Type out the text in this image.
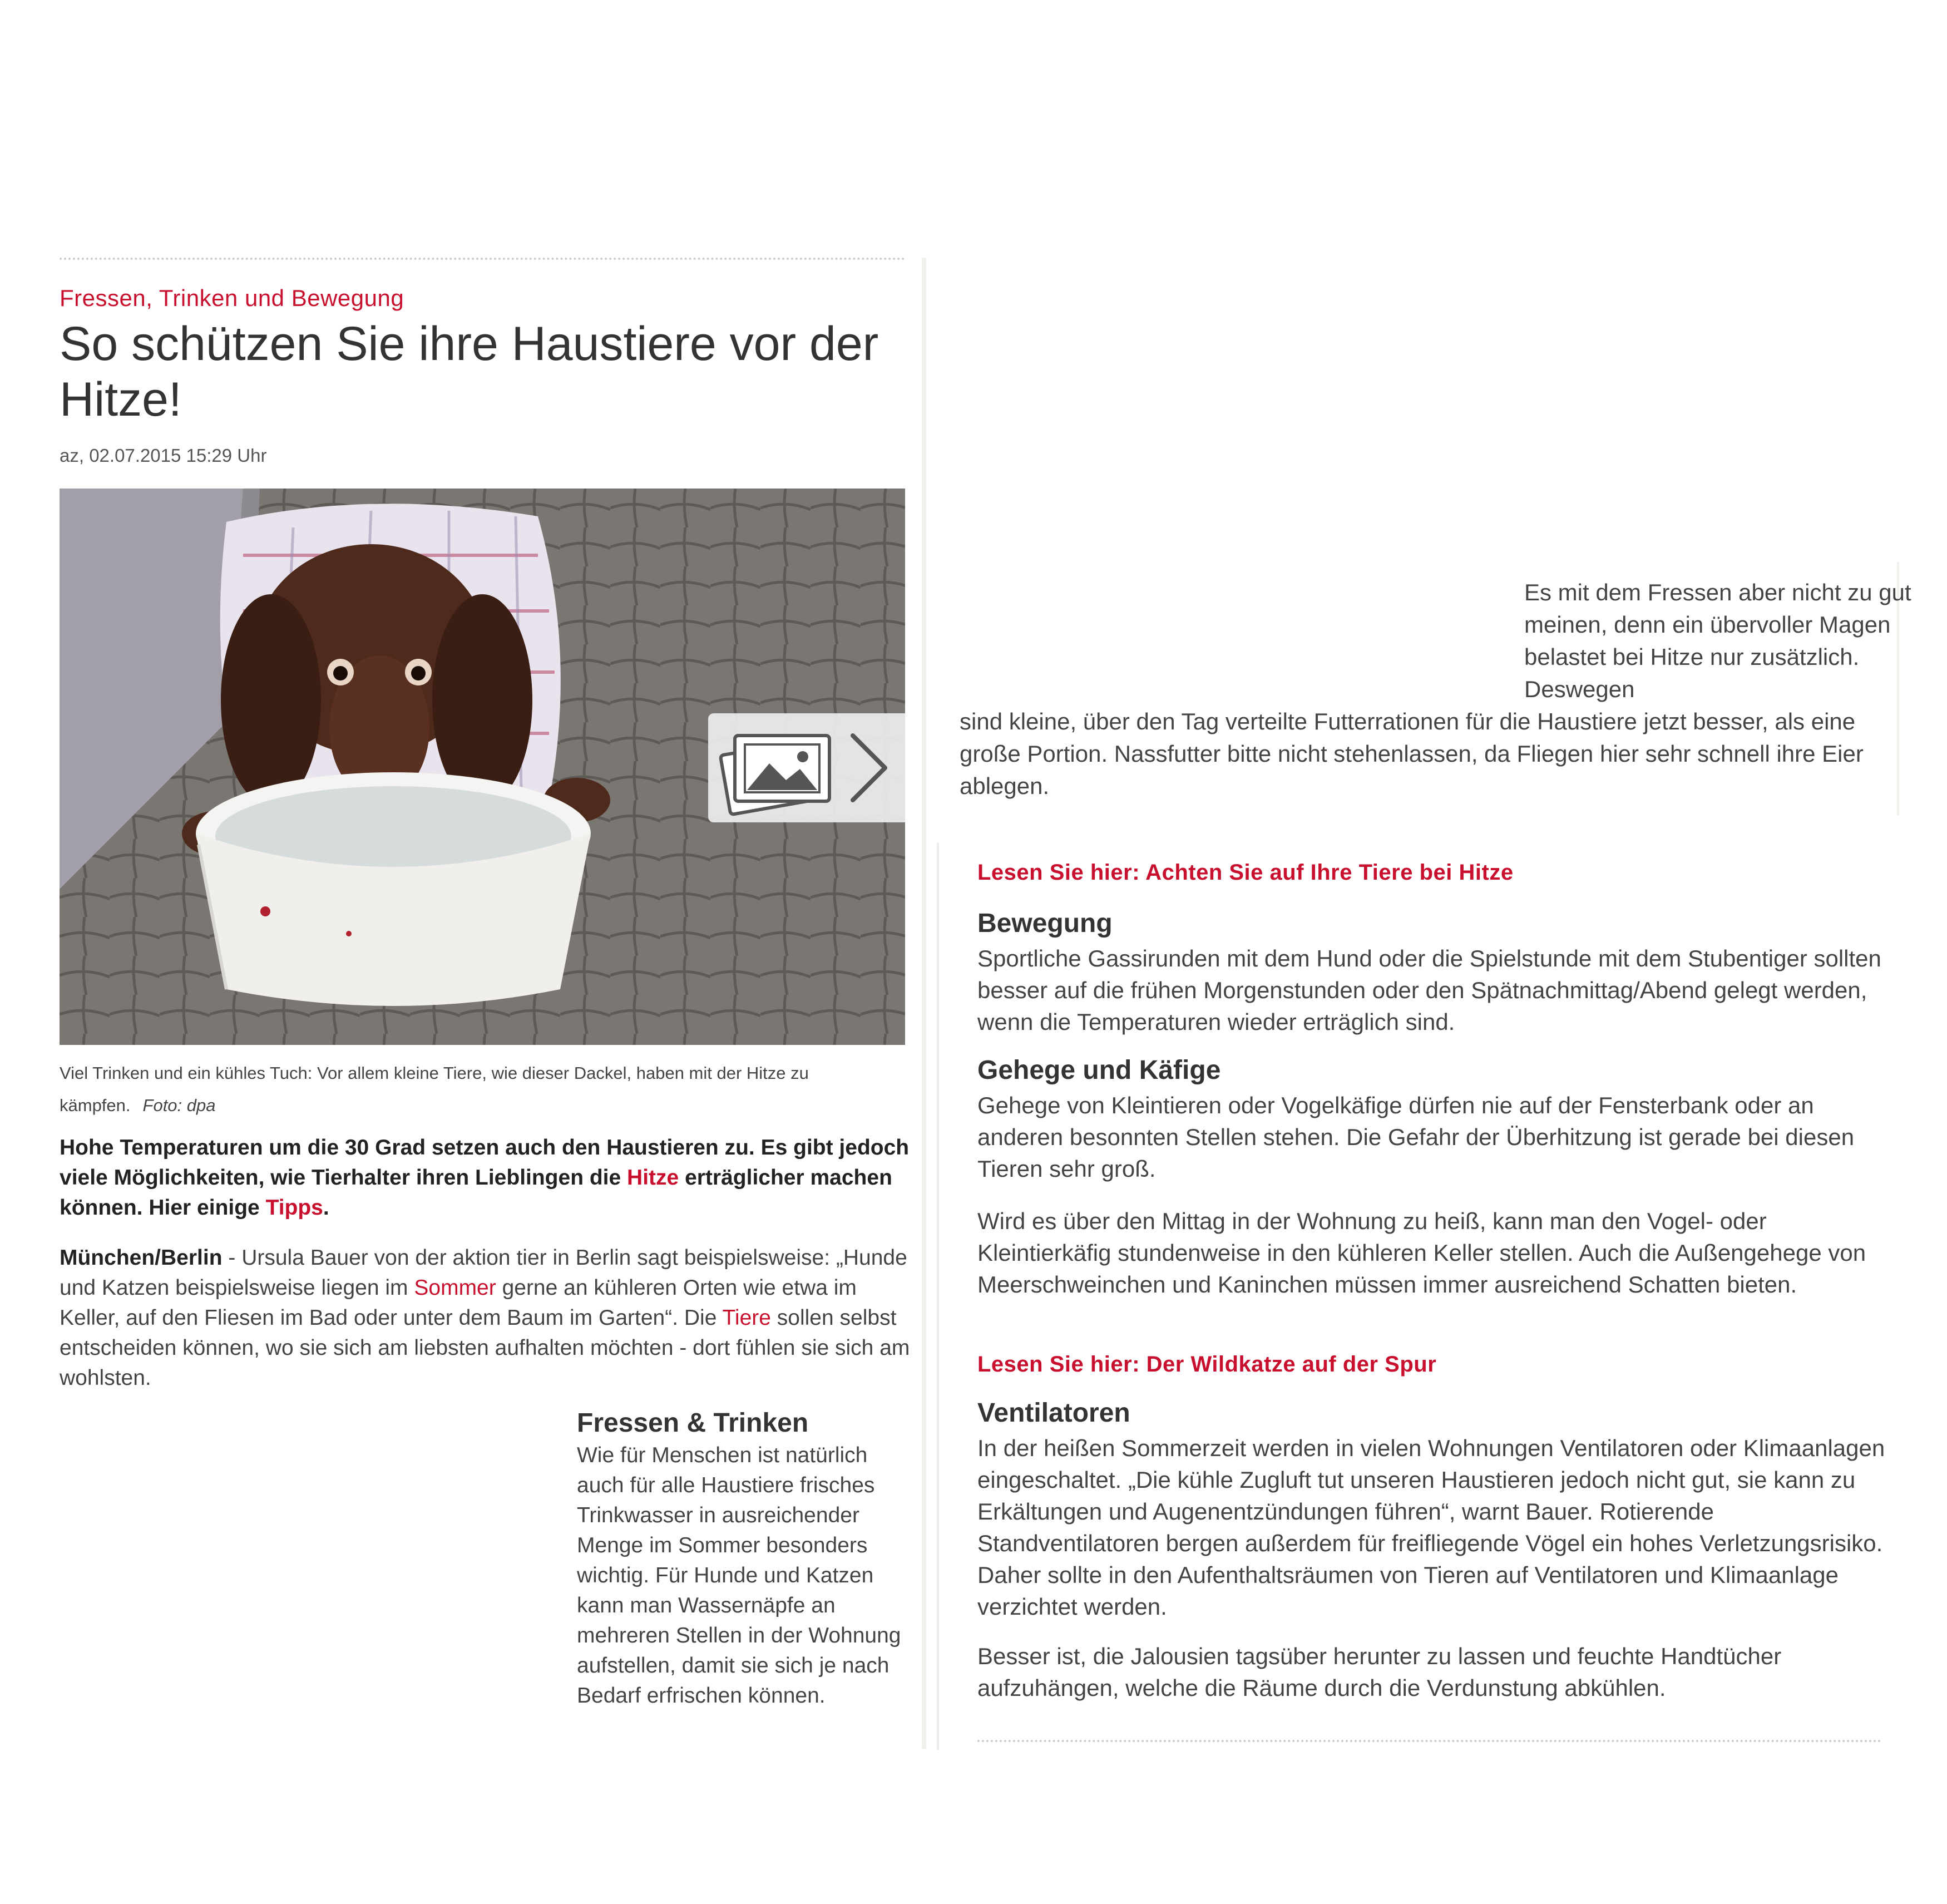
Fressen, Trinken und Bewegung
So schützen Sie ihre Haustiere vor der Hitze!
az, 02.07.2015 15:29 Uhr
Viel Trinken und ein kühles Tuch: Vor allem kleine Tiere, wie dieser Dackel, haben mit der Hitze zu kämpfen. Foto: dpa
Hohe Temperaturen um die 30 Grad setzen auch den Haustieren zu. Es gibt jedoch viele Möglichkeiten, wie Tierhalter ihren Lieblingen die Hitze erträglicher machen können. Hier einige Tipps.
München/Berlin - Ursula Bauer von der aktion tier in Berlin sagt beispielsweise: „Hunde und Katzen beispielsweise liegen im Sommer gerne an kühleren Orten wie etwa im Keller, auf den Fliesen im Bad oder unter dem Baum im Garten“. Die Tiere sollen selbst entscheiden können, wo sie sich am liebsten aufhalten möchten - dort fühlen sie sich am wohlsten.
Fressen & Trinken
Wie für Menschen ist natürlich auch für alle Haustiere frisches Trinkwasser in ausreichender Menge im Sommer besonders wichtig. Für Hunde und Katzen kann man Wassernäpfe an mehreren Stellen in der Wohnung aufstellen, damit sie sich je nach Bedarf erfrischen können.
Es mit dem Fressen aber nicht zu gut meinen, denn ein übervoller Magen belastet bei Hitze nur zusätzlich. Deswegen
sind kleine, über den Tag verteilte Futterrationen für die Haustiere jetzt besser, als eine große Portion. Nassfutter bitte nicht stehenlassen, da Fliegen hier sehr schnell ihre Eier ablegen.
Lesen Sie hier: Achten Sie auf Ihre Tiere bei Hitze
Bewegung
Sportliche Gassirunden mit dem Hund oder die Spielstunde mit dem Stubentiger sollten besser auf die frühen Morgenstunden oder den Spätnachmittag/Abend gelegt werden, wenn die Temperaturen wieder erträglich sind.
Gehege und Käfige
Gehege von Kleintieren oder Vogelkäfige dürfen nie auf der Fensterbank oder an anderen besonnten Stellen stehen. Die Gefahr der Überhitzung ist gerade bei diesen Tieren sehr groß.
Wird es über den Mittag in der Wohnung zu heiß, kann man den Vogel- oder Kleintierkäfig stundenweise in den kühleren Keller stellen. Auch die Außengehege von Meerschweinchen und Kaninchen müssen immer ausreichend Schatten bieten.
Lesen Sie hier: Der Wildkatze auf der Spur
Ventilatoren
In der heißen Sommerzeit werden in vielen Wohnungen Ventilatoren oder Klimaanlagen eingeschaltet. „Die kühle Zugluft tut unseren Haustieren jedoch nicht gut, sie kann zu Erkältungen und Augenentzündungen führen“, warnt Bauer. Rotierende Standventilatoren bergen außerdem für freifliegende Vögel ein hohes Verletzungsrisiko. Daher sollte in den Aufenthaltsräumen von Tieren auf Ventilatoren und Klimaanlage verzichtet werden.
Besser ist, die Jalousien tagsüber herunter zu lassen und feuchte Handtücher aufzuhängen, welche die Räume durch die Verdunstung abkühlen.
